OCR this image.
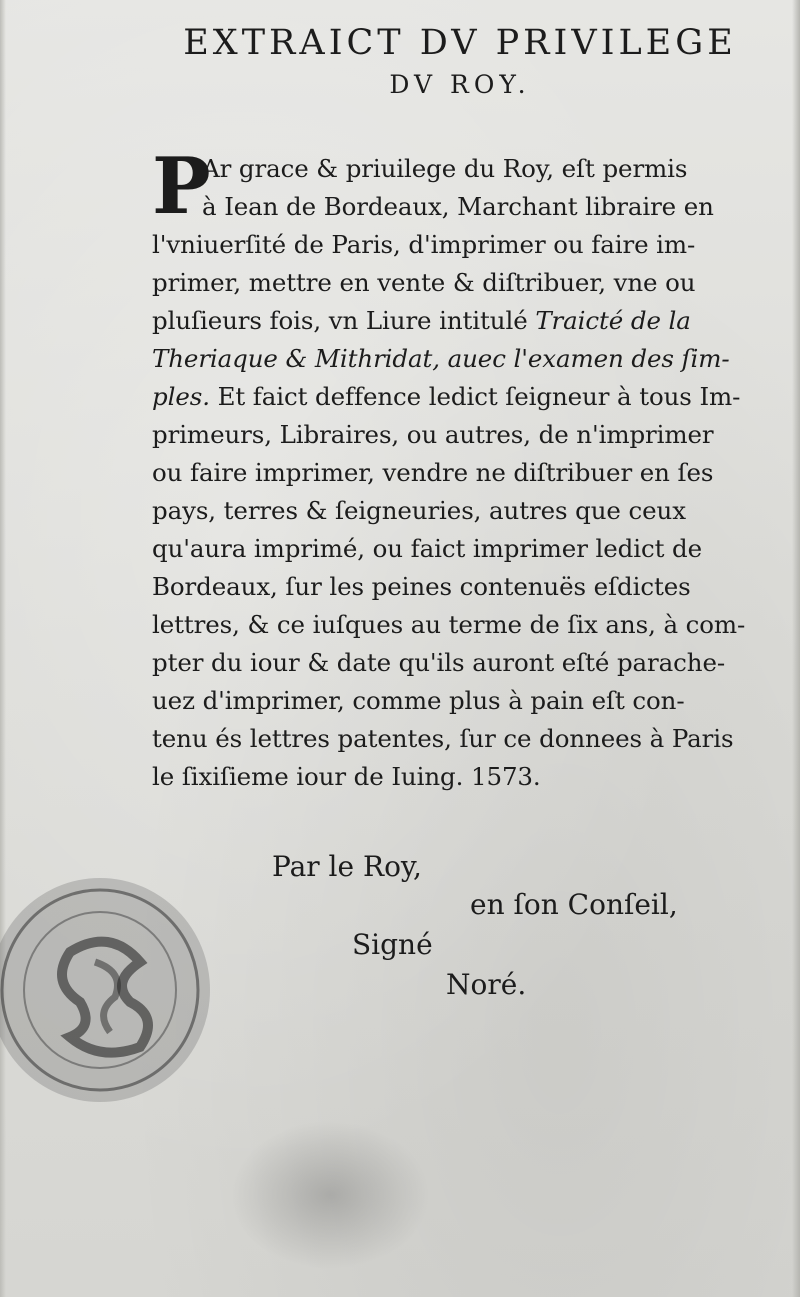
EXTRAICT DV PRIVILEGE
DV ROY.
P
Ar grace & priuilege du Roy, eſt permis
à Iean de Bordeaux, Marchant libraire en
l'vniuerſité de Paris, d'imprimer ou faire im-
primer, mettre en vente & diſtribuer, vne ou
pluſieurs fois, vn Liure intitulé Traicté de la
Theriaque & Mithridat, auec l'examen des ſim-
ples. Et faict deffence ledict ſeigneur à tous Im-
primeurs, Libraires, ou autres, de n'imprimer
ou faire imprimer, vendre ne diſtribuer en ſes
pays, terres & ſeigneuries, autres que ceux
qu'aura imprimé, ou faict imprimer ledict de
Bordeaux, ſur les peines contenuës eſdictes
lettres, & ce iuſques au terme de ſix ans, à com-
pter du iour & date qu'ils auront eſté parache-
uez d'imprimer, comme plus à pain eſt con-
tenu és lettres patentes, ſur ce donnees à Paris
le ſixiſieme iour de Iuing. 1573.
Par le Roy,
en ſon Conſeil,
Signé
Noré.
